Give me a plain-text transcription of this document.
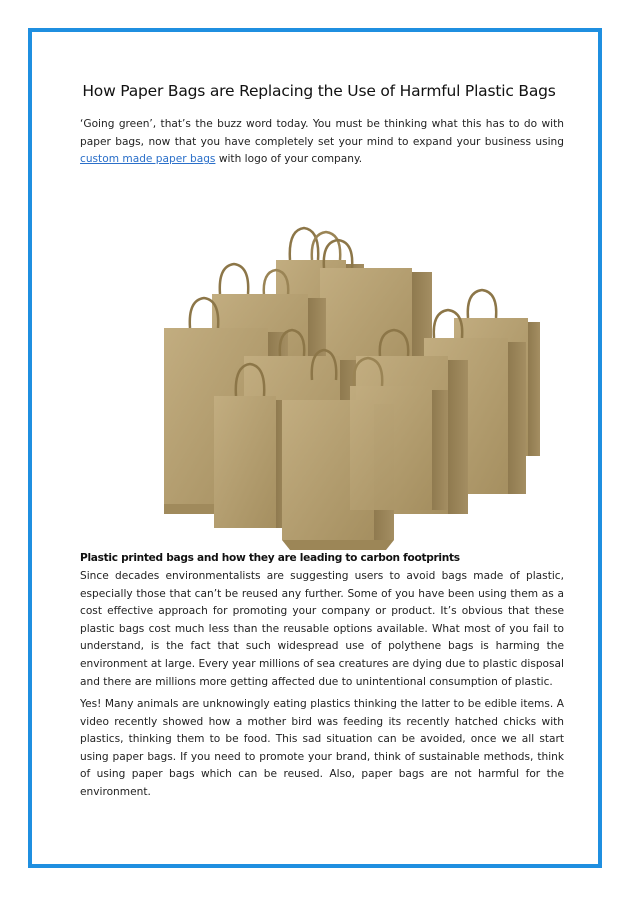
How Paper Bags are Replacing the Use of Harmful Plastic Bags

‘Going green’, that’s the buzz word today. You must be thinking what this has to do with paper bags, now that you have completely set your mind to expand your business using custom made paper bags with logo of your company.

Plastic printed bags and how they are leading to carbon footprints

Since decades environmentalists are suggesting users to avoid bags made of plastic, especially those that can’t be reused any further. Some of you have been using them as a cost effective approach for promoting your company or product. It’s obvious that these plastic bags cost much less than the reusable options available. What most of you fail to understand, is the fact that such widespread use of polythene bags is harming the environment at large. Every year millions of sea creatures are dying due to plastic disposal and there are millions more getting affected due to unintentional consumption of plastic.

Yes! Many animals are unknowingly eating plastics thinking the latter to be edible items. A video recently showed how a mother bird was feeding its recently hatched chicks with plastics, thinking them to be food. This sad situation can be avoided, once we all start using paper bags. If you need to promote your brand, think of sustainable methods, think of using paper bags which can be reused. Also, paper bags are not harmful for the environment.
